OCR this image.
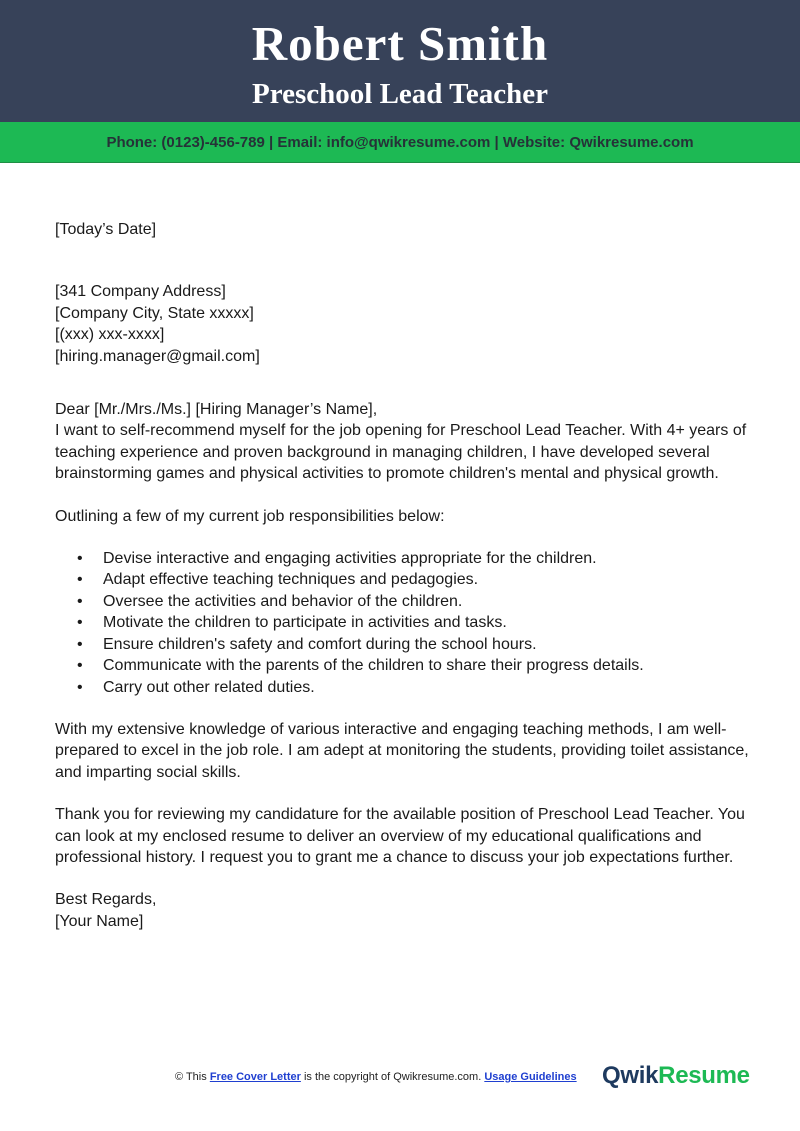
Robert Smith
Preschool Lead Teacher
Phone: (0123)-456-789 | Email: info@qwikresume.com | Website: Qwikresume.com

[Today’s Date]

[341 Company Address]

[Company City, State xxxxx]

[(xxx) xxx-xxxx]

[hiring.manager@gmail.com]

Dear [Mr./Mrs./Ms.] [Hiring Manager’s Name],

I want to self-recommend myself for the job opening for Preschool Lead Teacher. With 4+ years of teaching experience and proven background in managing children, I have developed several brainstorming games and physical activities to promote children's mental and physical growth.

Outlining a few of my current job responsibilities below:

• Devise interactive and engaging activities appropriate for the children.
• Adapt effective teaching techniques and pedagogies.
• Oversee the activities and behavior of the children.
• Motivate the children to participate in activities and tasks.
• Ensure children's safety and comfort during the school hours.
• Communicate with the parents of the children to share their progress details.
• Carry out other related duties.

With my extensive knowledge of various interactive and engaging teaching methods, I am well-prepared to excel in the job role. I am adept at monitoring the students, providing toilet assistance, and imparting social skills.

Thank you for reviewing my candidature for the available position of Preschool Lead Teacher. You can look at my enclosed resume to deliver an overview of my educational qualifications and professional history. I request you to grant me a chance to discuss your job expectations further.

Best Regards,

[Your Name]

© This Free Cover Letter is the copyright of Qwikresume.com. Usage Guidelines QwikResume
